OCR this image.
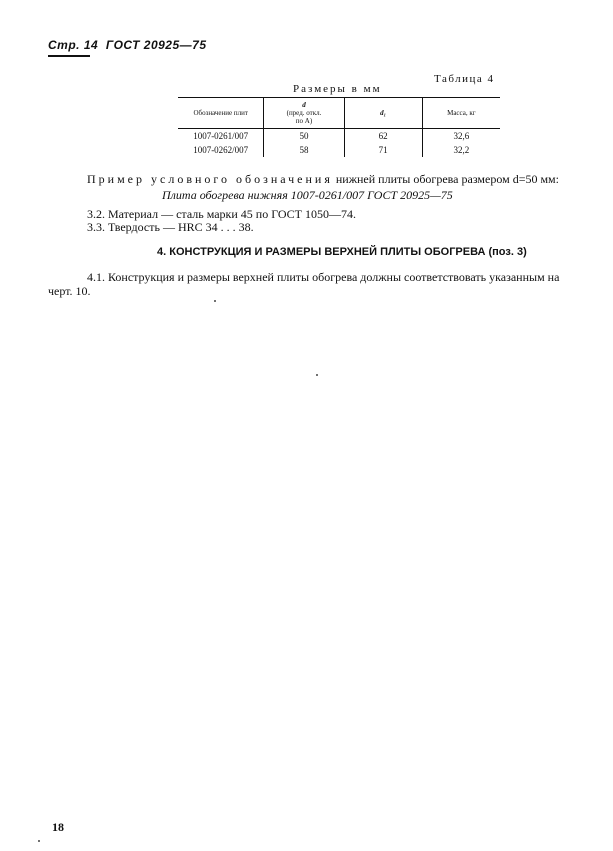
Стр. 14 ГОСТ 20925—75
Таблица 4
Размеры в мм
Обозначение плит	d
(пред. откл.
по A)	d₁	Масса, кг
1007-0261/007	50	62	32,6
1007-0262/007	58	71	32,2
Пример условного обозначения нижней плиты обогрева размером d=50 мм:
Плита обогрева нижняя 1007-0261/007 ГОСТ 20925—75
3.2. Материал — сталь марки 45 по ГОСТ 1050—74.
3.3. Твердость — HRC 34 . . . 38.
4. КОНСТРУКЦИЯ И РАЗМЕРЫ ВЕРХНЕЙ ПЛИТЫ ОБОГРЕВА (поз. 3)
4.1. Конструкция и размеры верхней плиты обогрева должны соответствовать указанным на
черт. 10.
18
